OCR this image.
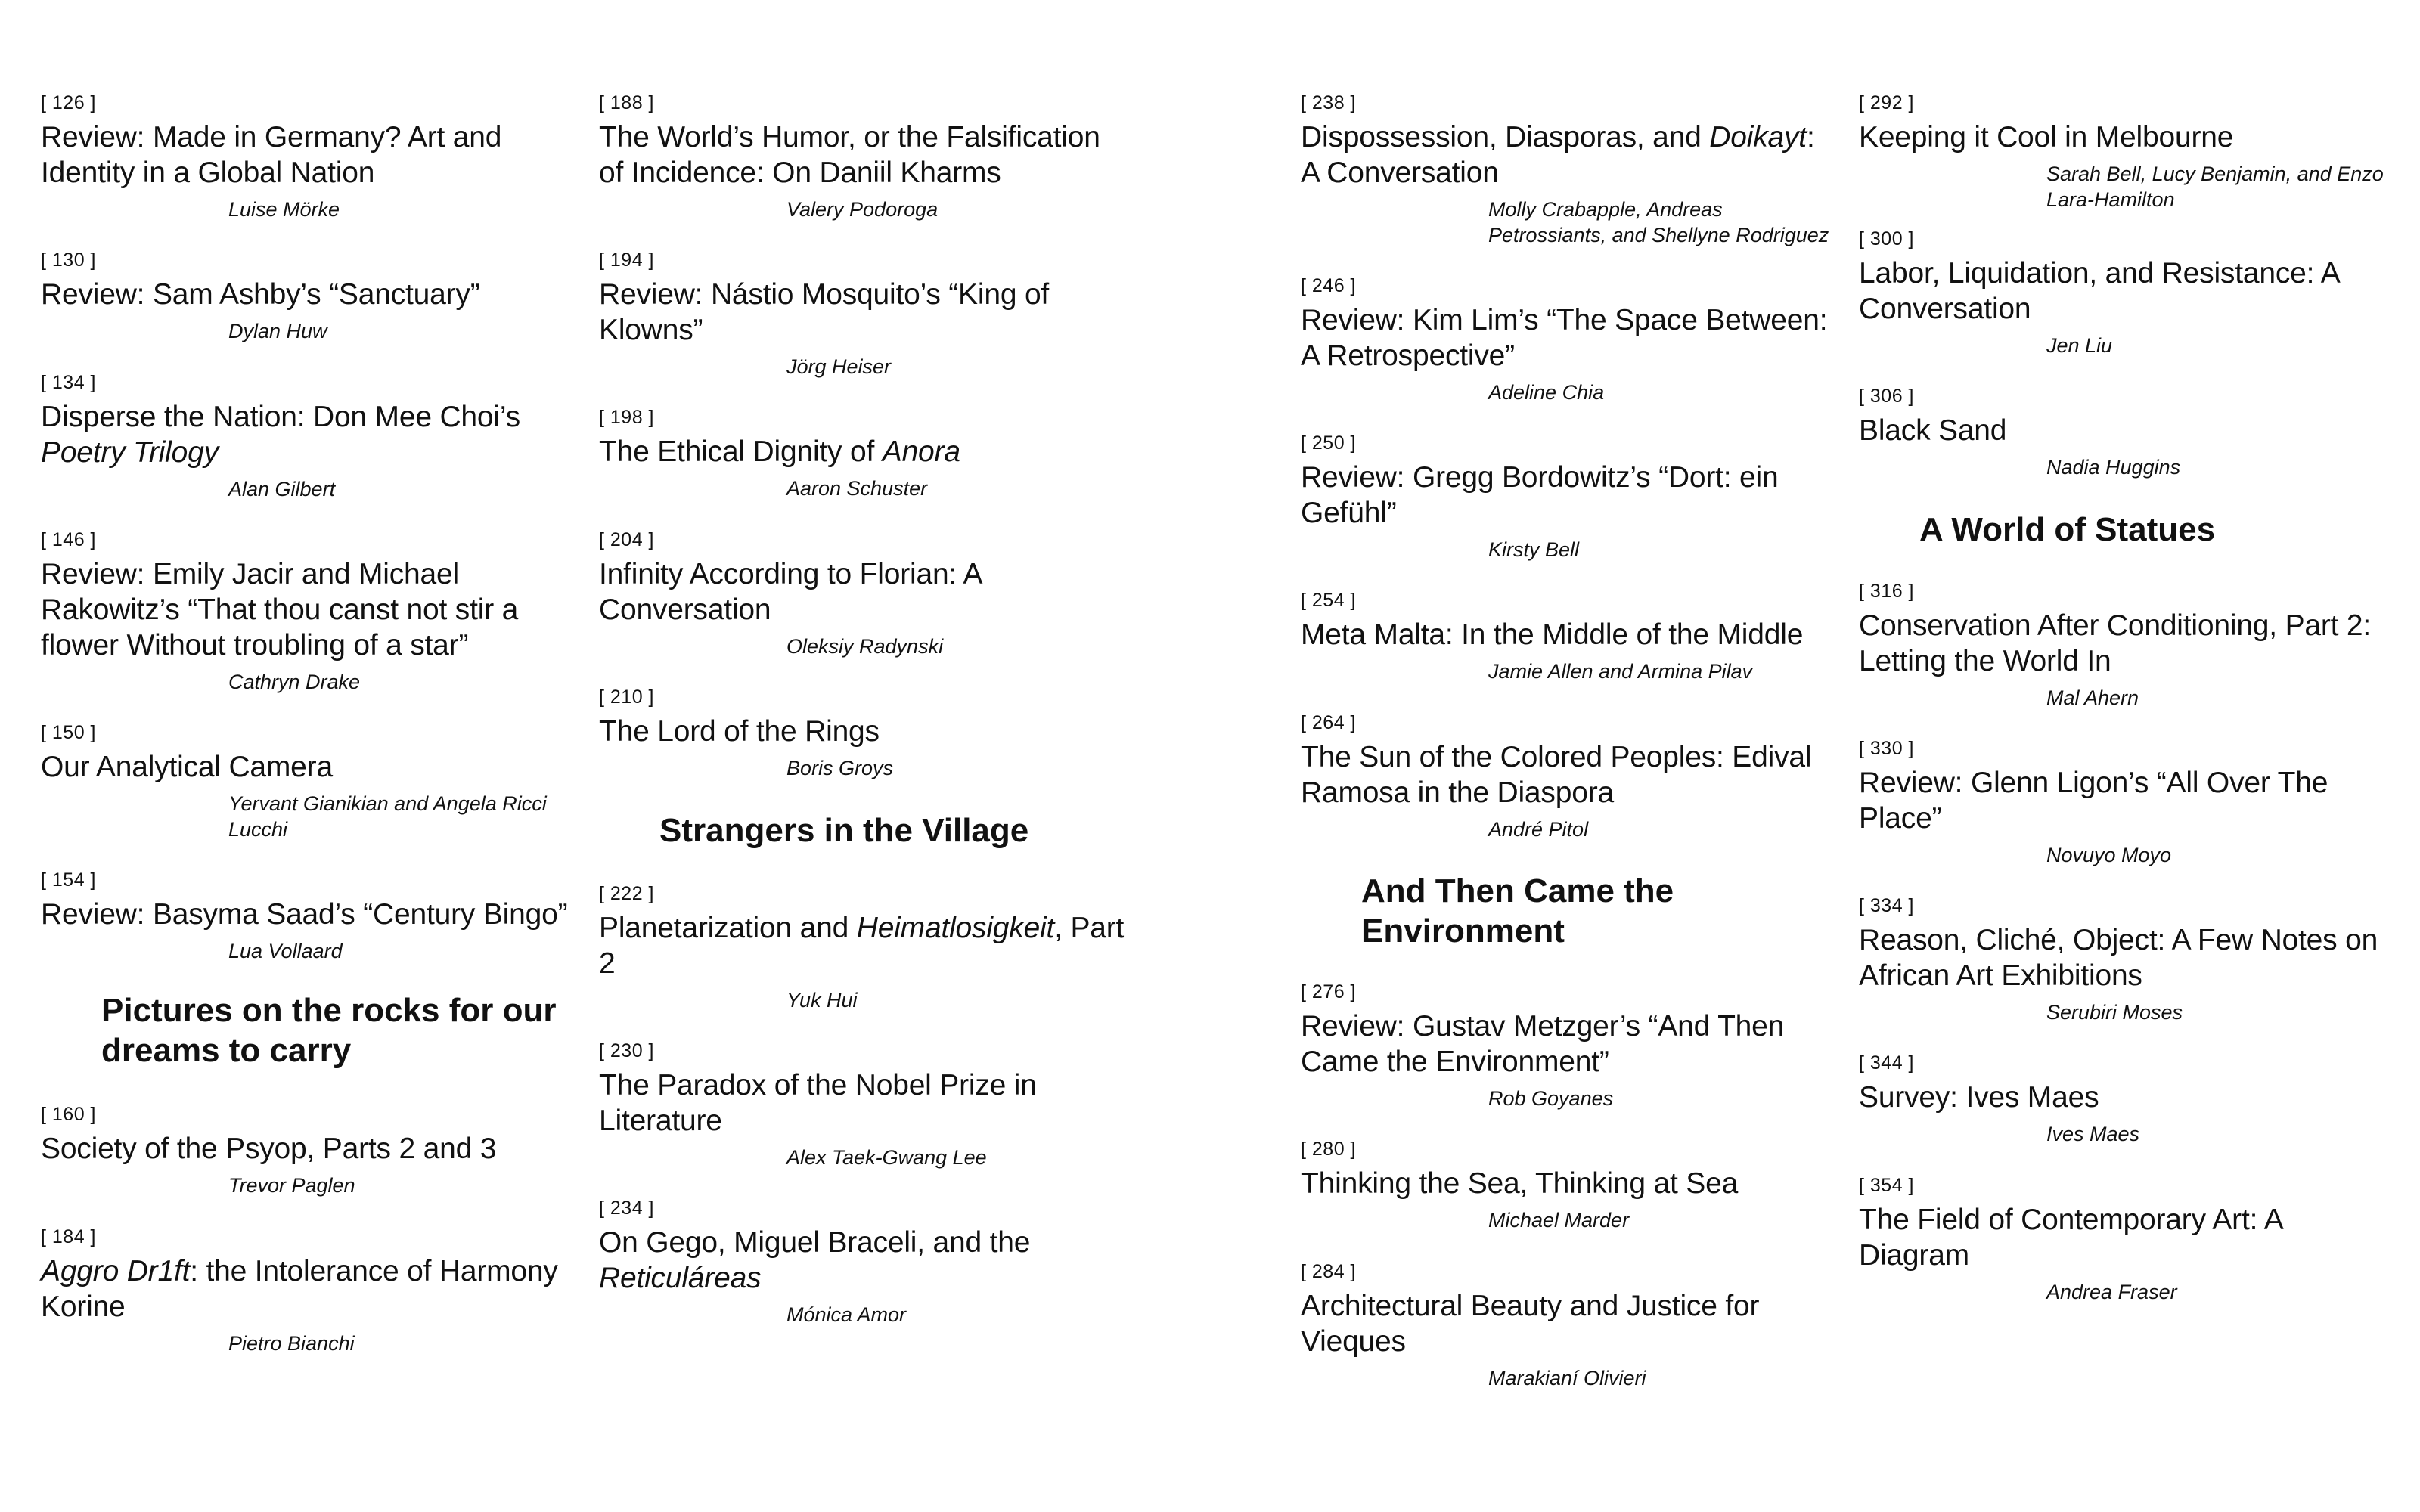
[ 126 ]
Review: Made in Germany? Art and Identity in a Global Nation
Luise Mörke
[ 130 ]
Review: Sam Ashby’s “Sanctuary”
Dylan Huw
[ 134 ]
Disperse the Nation: Don Mee Choi’s Poetry Trilogy
Alan Gilbert
[ 146 ]
Review: Emily Jacir and Michael Rakowitz’s “That thou canst not stir a flower Without troubling of a star”
Cathryn Drake
[ 150 ]
Our Analytical Camera
Yervant Gianikian and Angela Ricci Lucchi
[ 154 ]
Review: Basyma Saad’s “Century Bingo”
Lua Vollaard
Pictures on the rocks for our dreams to carry
[ 160 ]
Society of the Psyop, Parts 2 and 3
Trevor Paglen
[ 184 ]
Aggro Dr1ft: the Intolerance of Harmony Korine
Pietro Bianchi
[ 188 ]
The World’s Humor, or the Falsification of Incidence: On Daniil Kharms
Valery Podoroga
[ 194 ]
Review: Nástio Mosquito’s “King of Klowns”
Jörg Heiser
[ 198 ]
The Ethical Dignity of Anora
Aaron Schuster
[ 204 ]
Infinity According to Florian: A Conversation
Oleksiy Radynski
[ 210 ]
The Lord of the Rings
Boris Groys
Strangers in the Village
[ 222 ]
Planetarization and Heimatlosigkeit, Part 2
Yuk Hui
[ 230 ]
The Paradox of the Nobel Prize in Literature
Alex Taek-Gwang Lee
[ 234 ]
On Gego, Miguel Braceli, and the Reticuláreas
Mónica Amor
[ 238 ]
Dispossession, Diasporas, and Doikayt: A Conversation
Molly Crabapple, Andreas Petrossiants, and Shellyne Rodriguez
[ 246 ]
Review: Kim Lim’s “The Space Between: A Retrospective”
Adeline Chia
[ 250 ]
Review: Gregg Bordowitz’s “Dort: ein Gefühl”
Kirsty Bell
[ 254 ]
Meta Malta: In the Middle of the Middle
Jamie Allen and Armina Pilav
[ 264 ]
The Sun of the Colored Peoples: Edival Ramosa in the Diaspora
André Pitol
And Then Came the Environment
[ 276 ]
Review: Gustav Metzger’s “And Then Came the Environment”
Rob Goyanes
[ 280 ]
Thinking the Sea, Thinking at Sea
Michael Marder
[ 284 ]
Architectural Beauty and Justice for Vieques
Marakianí Olivieri
[ 292 ]
Keeping it Cool in Melbourne
Sarah Bell, Lucy Benjamin, and Enzo Lara-Hamilton
[ 300 ]
Labor, Liquidation, and Resistance: A Conversation
Jen Liu
[ 306 ]
Black Sand
Nadia Huggins
A World of Statues
[ 316 ]
Conservation After Conditioning, Part 2: Letting the World In
Mal Ahern
[ 330 ]
Review: Glenn Ligon’s “All Over The Place”
Novuyo Moyo
[ 334 ]
Reason, Cliché, Object: A Few Notes on African Art Exhibitions
Serubiri Moses
[ 344 ]
Survey: Ives Maes
Ives Maes
[ 354 ]
The Field of Contemporary Art: A Diagram
Andrea Fraser
